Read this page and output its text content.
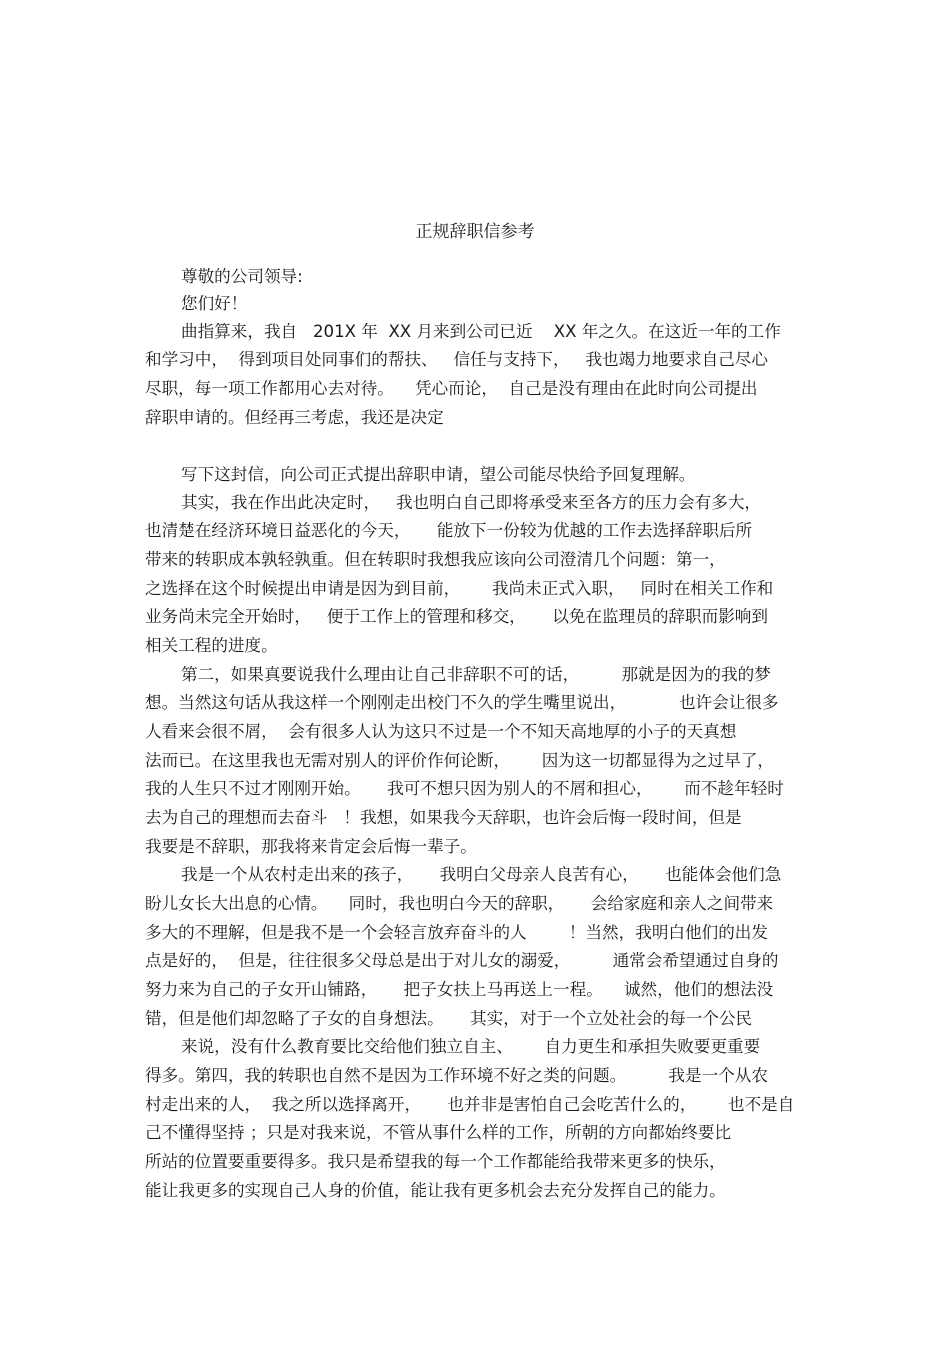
正规辞职信参考

尊敬的公司领导:

您们好！

曲指算来，我自   201X 年  XX 月来到公司已近    XX 年之久。在这近一年的工作

和学习中，  得到项目处同事们的帮扶、   信任与支持下，   我也竭力地要求自己尽心

尽职，每一项工作都用心去对待。    凭心而论，  自己是没有理由在此时向公司提出

辞职申请的。但经再三考虑，我还是决定

写下这封信，向公司正式提出辞职申请，望公司能尽快给予回复理解。

其实，我在作出此决定时，   我也明白自己即将承受来至各方的压力会有多大，

也清楚在经济环境日益恶化的今天，     能放下一份较为优越的工作去选择辞职后所

带来的转职成本孰轻孰重。但在转职时我想我应该向公司澄清几个问题：第一，

之选择在这个时候提出申请是因为到目前，      我尚未正式入职，   同时在相关工作和

业务尚未完全开始时，   便于工作上的管理和移交，     以免在监理员的辞职而影响到

相关工程的进度。

第二，如果真要说我什么理由让自己非辞职不可的话，        那就是因为的我的梦

想。当然这句话从我这样一个刚刚走出校门不久的学生嘴里说出，          也许会让很多

人看来会很不屑，  会有很多人认为这只不过是一个不知天高地厚的小子的天真想

法而已。在这里我也无需对别人的评价作何论断，      因为这一切都显得为之过早了，

我的人生只不过才刚刚开始。     我可不想只因为别人的不屑和担心，      而不趁年轻时

去为自己的理想而去奋斗   ！我想，如果我今天辞职，也许会后悔一段时间，但是

我要是不辞职，那我将来肯定会后悔一辈子。

我是一个从农村走出来的孩子，     我明白父母亲人良苦有心，     也能体会他们急

盼儿女长大出息的心情。    同时，我也明白今天的辞职，     会给家庭和亲人之间带来

多大的不理解，但是我不是一个会轻言放弃奋斗的人        ！当然，我明白他们的出发

点是好的，  但是，往往很多父母总是出于对儿女的溺爱，        通常会希望通过自身的

努力来为自己的子女开山铺路，     把子女扶上马再送上一程。    诚然，他们的想法没

错，但是他们却忽略了子女的自身想法。     其实，对于一个立处社会的每一个公民

来说，没有什么教育要比交给他们独立自主、      自力更生和承担失败要更重要

得多。第四，我的转职也自然不是因为工作环境不好之类的问题。        我是一个从农

村走出来的人，  我之所以选择离开，     也并非是害怕自己会吃苦什么的，      也不是自

己不懂得坚持 ；只是对我来说，不管从事什么样的工作，所朝的方向都始终要比

所站的位置要重要得多。我只是希望我的每一个工作都能给我带来更多的快乐，

能让我更多的实现自己人身的价值，能让我有更多机会去充分发挥自己的能力。
